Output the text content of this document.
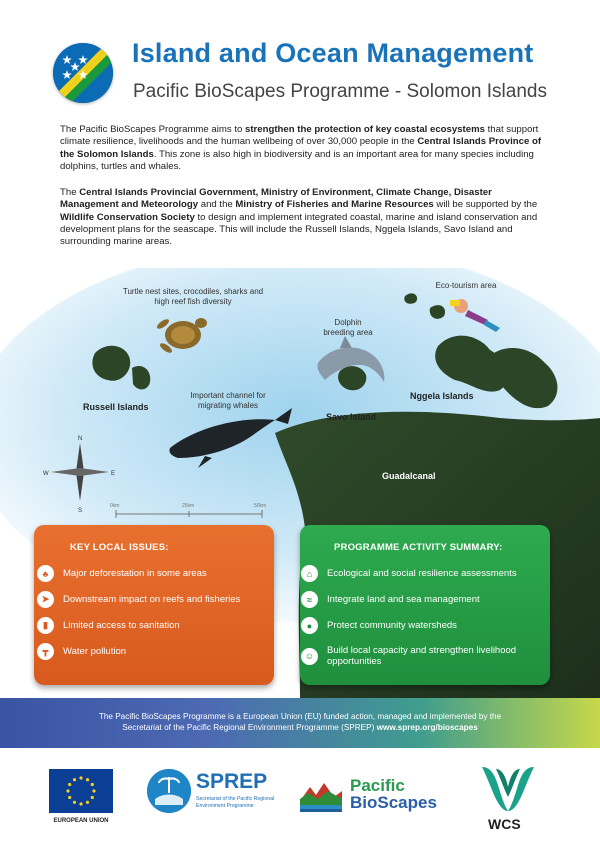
Island and Ocean Management
Pacific BioScapes Programme - Solomon Islands
The Pacific BioScapes Programme aims to strengthen the protection of key coastal ecosystems that support climate resilience, livelihoods and the human wellbeing of over 30,000 people in the Central Islands Province of the Solomon Islands. This zone is also high in biodiversity and is an important area for many species including dolphins, turtles and whales.
The Central Islands Provincial Government, Ministry of Environment, Climate Change, Disaster Management and Meteorology and the Ministry of Fisheries and Marine Resources will be supported by the Wildlife Conservation Society to design and implement integrated coastal, marine and island conservation and development plans for the seascape. This will include the Russell Islands, Nggela Islands, Savo Island and surrounding marine areas.
N
S
E
W
0km	25km	50km
Turtle nest sites, crocodiles, sharks and high reef fish diversity
Dolphin breeding area
Eco-tourism area
Important channel for migrating whales
Russell Islands
Savo Island
Nggela Islands
Guadalcanal
KEY LOCAL ISSUES:
♣	Major deforestation in some areas
➤	Downstream impact on reefs and fisheries
▮	Limited access to sanitation
┳	Water pollution
PROGRAMME ACTIVITY SUMMARY:
⌂	Ecological and social resilience assessments
≈	Integrate land and sea management
●	Protect community watersheds
☺	Build local capacity and strengthen livelihood opportunities
The Pacific BioScapes Programme is a European Union (EU) funded action, managed and implemented by the
Secretariat of the Pacific Regional Environment Programme (SPREP) www.sprep.org/bioscapes
EUROPEAN UNION
SPREP
Secretariat of the Pacific Regional Environment Programme
Pacific
BioScapes
WCS
